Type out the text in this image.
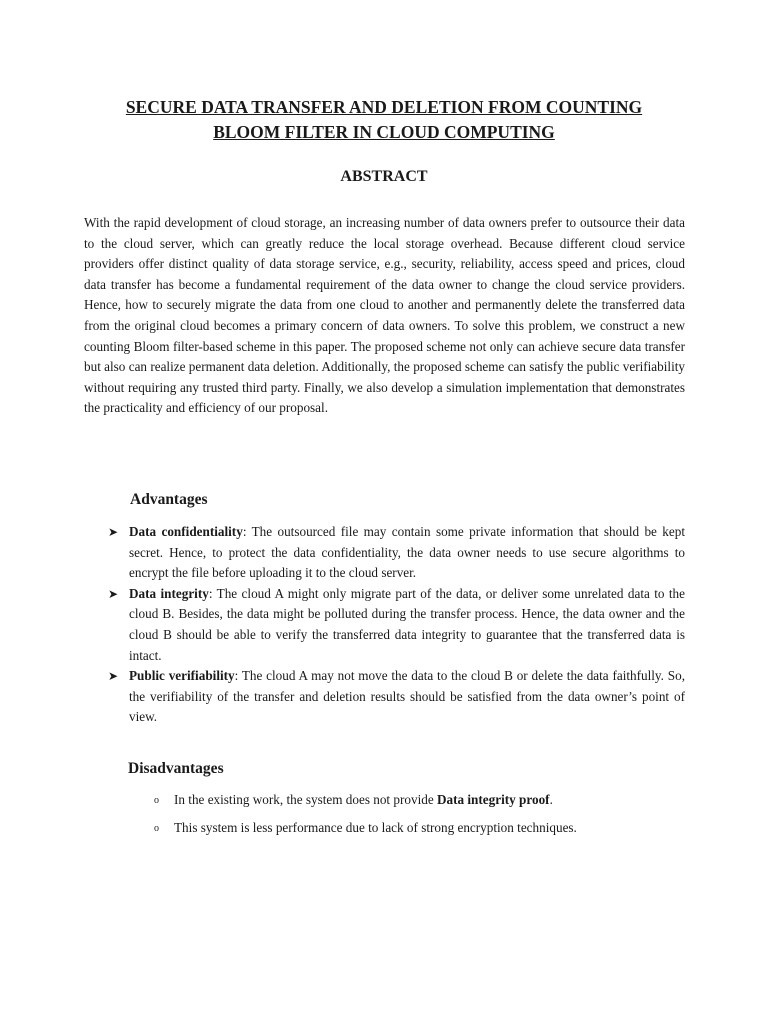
SECURE DATA TRANSFER AND DELETION FROM COUNTING
BLOOM FILTER IN CLOUD COMPUTING
ABSTRACT

With the rapid development of cloud storage, an increasing number of data owners prefer to outsource their data to the cloud server, which can greatly reduce the local storage overhead. Because different cloud service providers offer distinct quality of data storage service, e.g., security, reliability, access speed and prices, cloud data transfer has become a fundamental requirement of the data owner to change the cloud service providers. Hence, how to securely migrate the data from one cloud to another and permanently delete the transferred data from the original cloud becomes a primary concern of data owners. To solve this problem, we construct a new counting Bloom filter-based scheme in this paper. The proposed scheme not only can achieve secure data transfer but also can realize permanent data deletion. Additionally, the proposed scheme can satisfy the public verifiability without requiring any trusted third party. Finally, we also develop a simulation implementation that demonstrates the practicality and efficiency of our proposal.

Advantages
➤ Data confidentiality: The outsourced file may contain some private information that should be kept secret. Hence, to protect the data confidentiality, the data owner needs to use secure algorithms to encrypt the file before uploading it to the cloud server.

➤ Data integrity: The cloud A might only migrate part of the data, or deliver some unrelated data to the cloud B. Besides, the data might be polluted during the transfer process. Hence, the data owner and the cloud B should be able to verify the transferred data integrity to guarantee that the transferred data is intact.

➤ Public verifiability: The cloud A may not move the data to the cloud B or delete the data faithfully. So, the verifiability of the transfer and deletion results should be satisfied from the data owner’s point of view.

Disadvantages
o In the existing work, the system does not provide Data integrity proof.
o This system is less performance due to lack of strong encryption techniques.
